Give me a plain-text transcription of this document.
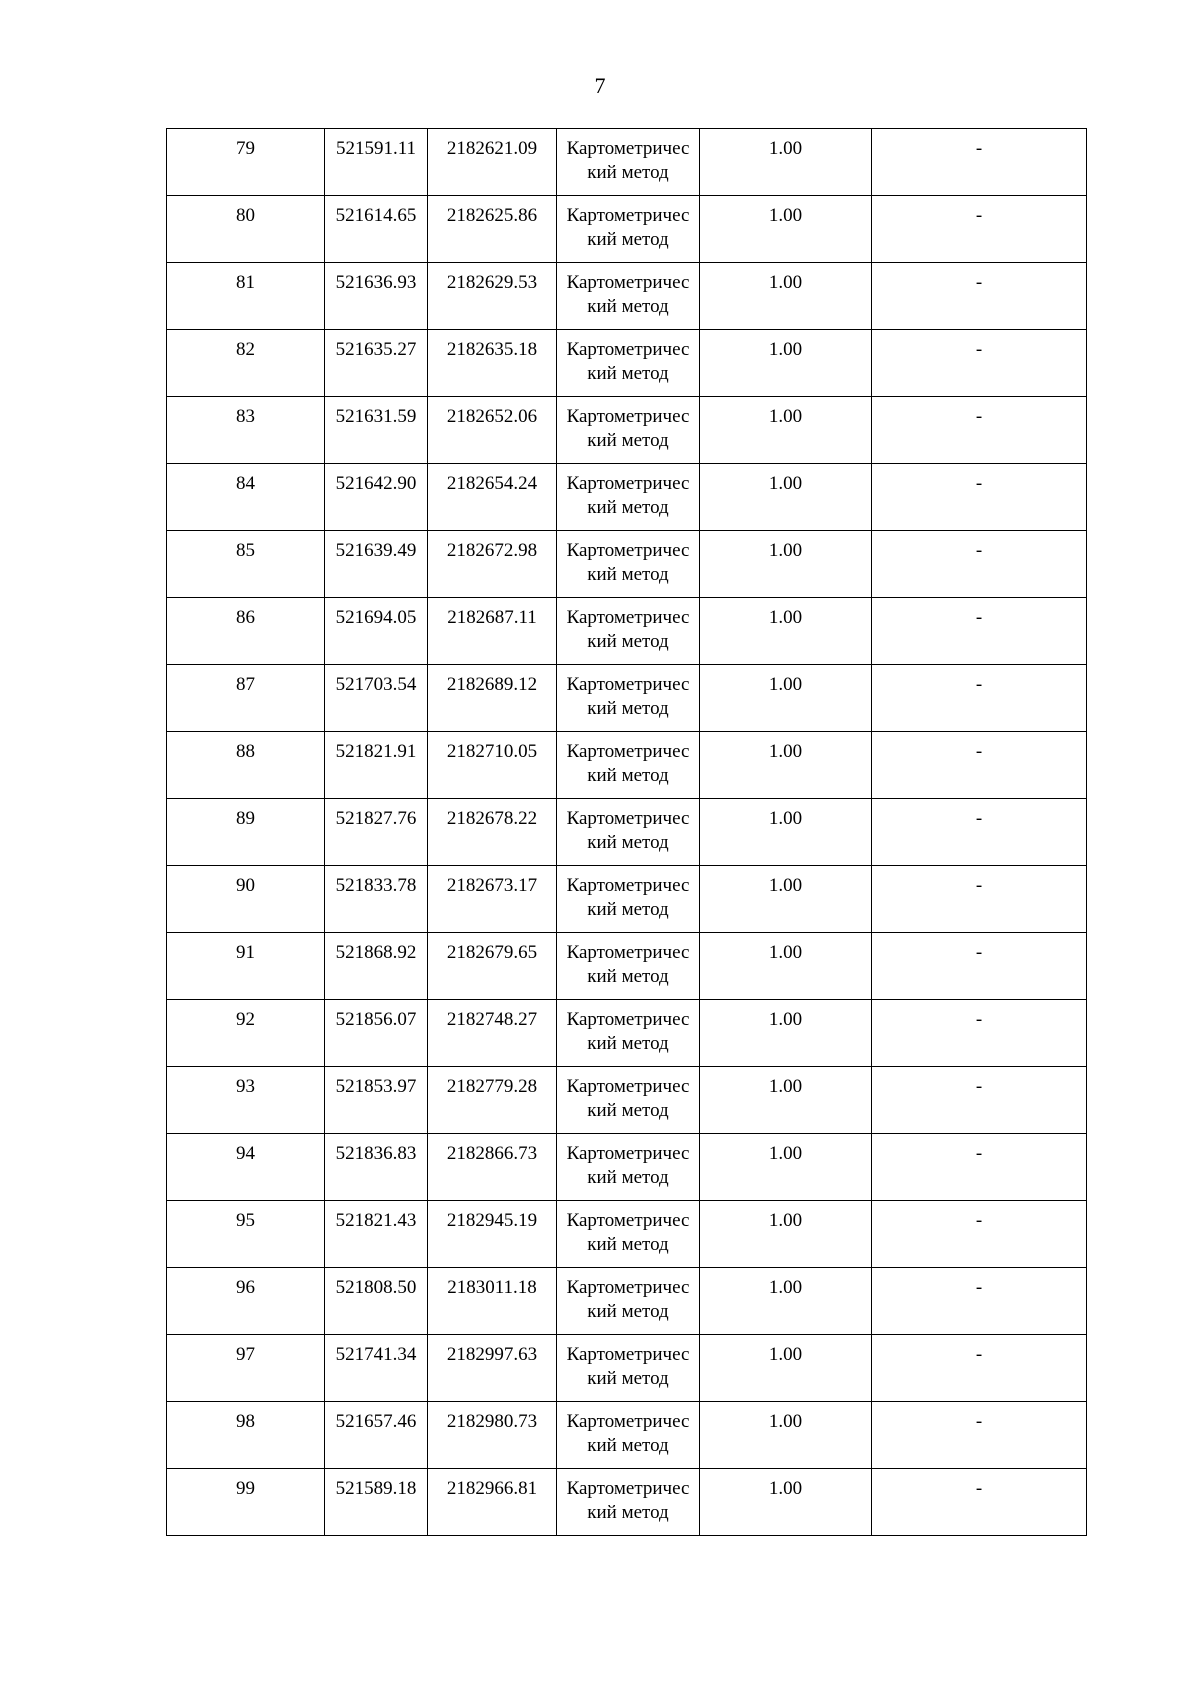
7
79	521591.11	2182621.09	Картометрический метод	1.00	-
80	521614.65	2182625.86	Картометрический метод	1.00	-
81	521636.93	2182629.53	Картометрический метод	1.00	-
82	521635.27	2182635.18	Картометрический метод	1.00	-
83	521631.59	2182652.06	Картометрический метод	1.00	-
84	521642.90	2182654.24	Картометрический метод	1.00	-
85	521639.49	2182672.98	Картометрический метод	1.00	-
86	521694.05	2182687.11	Картометрический метод	1.00	-
87	521703.54	2182689.12	Картометрический метод	1.00	-
88	521821.91	2182710.05	Картометрический метод	1.00	-
89	521827.76	2182678.22	Картометрический метод	1.00	-
90	521833.78	2182673.17	Картометрический метод	1.00	-
91	521868.92	2182679.65	Картометрический метод	1.00	-
92	521856.07	2182748.27	Картометрический метод	1.00	-
93	521853.97	2182779.28	Картометрический метод	1.00	-
94	521836.83	2182866.73	Картометрический метод	1.00	-
95	521821.43	2182945.19	Картометрический метод	1.00	-
96	521808.50	2183011.18	Картометрический метод	1.00	-
97	521741.34	2182997.63	Картометрический метод	1.00	-
98	521657.46	2182980.73	Картометрический метод	1.00	-
99	521589.18	2182966.81	Картометрический метод	1.00	-
